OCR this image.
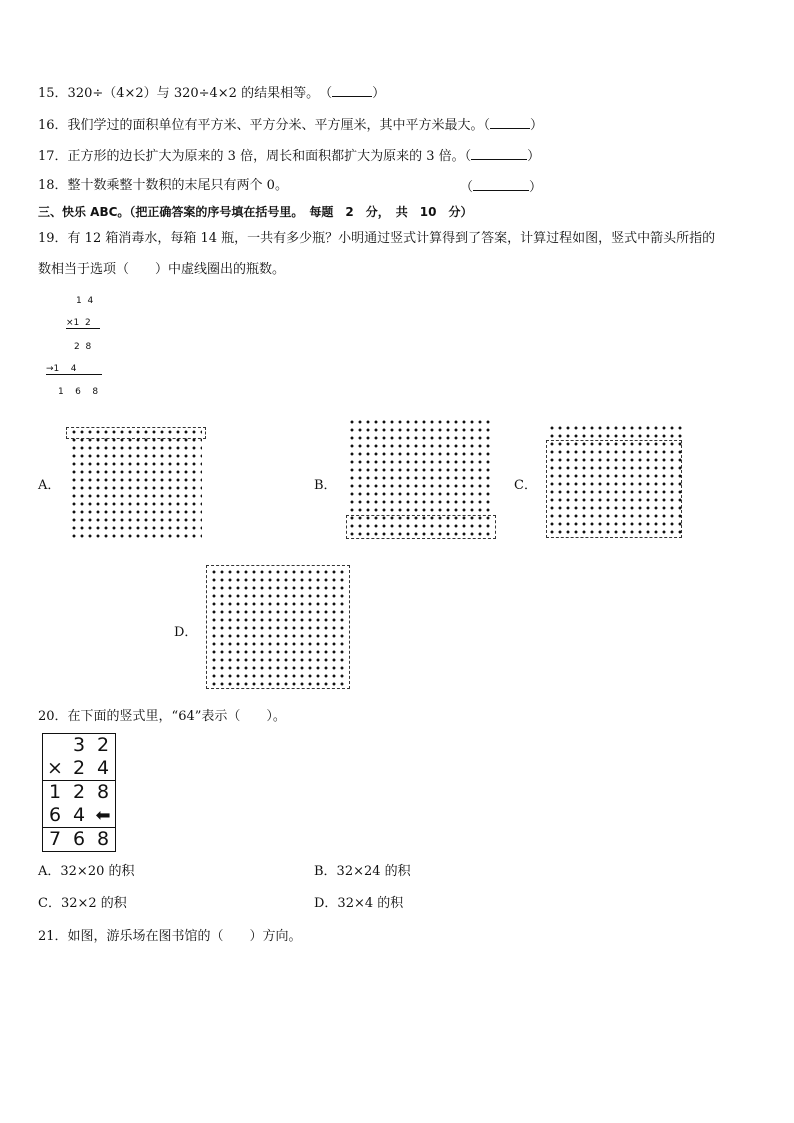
15．320÷（4×2）与 320÷4×2 的结果相等。　（	）
16．我们学过的面积单位有平方米、平方分米、平方厘米，其中平方米最大。（	）
17．正方形的边长扩大为原来的 3 倍，周长和面积都扩大为原来的 3 倍。（	）
18．整十数乘整十数积的末尾只有两个 0。	（	）
三、快乐 ABC。（把正确答案的序号填在括号里。　每题　2　分，　共　10　分）
19．有 12 箱消毒水，每箱 14 瓶，一共有多少瓶？小明通过竖式计算得到了答案，计算过程如图，竖式中箭头所指的
数相当于选项（　　）中虚线圈出的瓶数。
1  4
×1  2
2  8
→1    4
1    6    8
A．	B．	C．
D．
20．在下面的竖式里，“64”表示（　　）。
	3	2
×	2	4
1	2	8
6	4	⬅
7	6	8
A．32×20 的积	B．32×24 的积
C．32×2 的积	D．32×4 的积
21．如图，游乐场在图书馆的（　　）方向。
